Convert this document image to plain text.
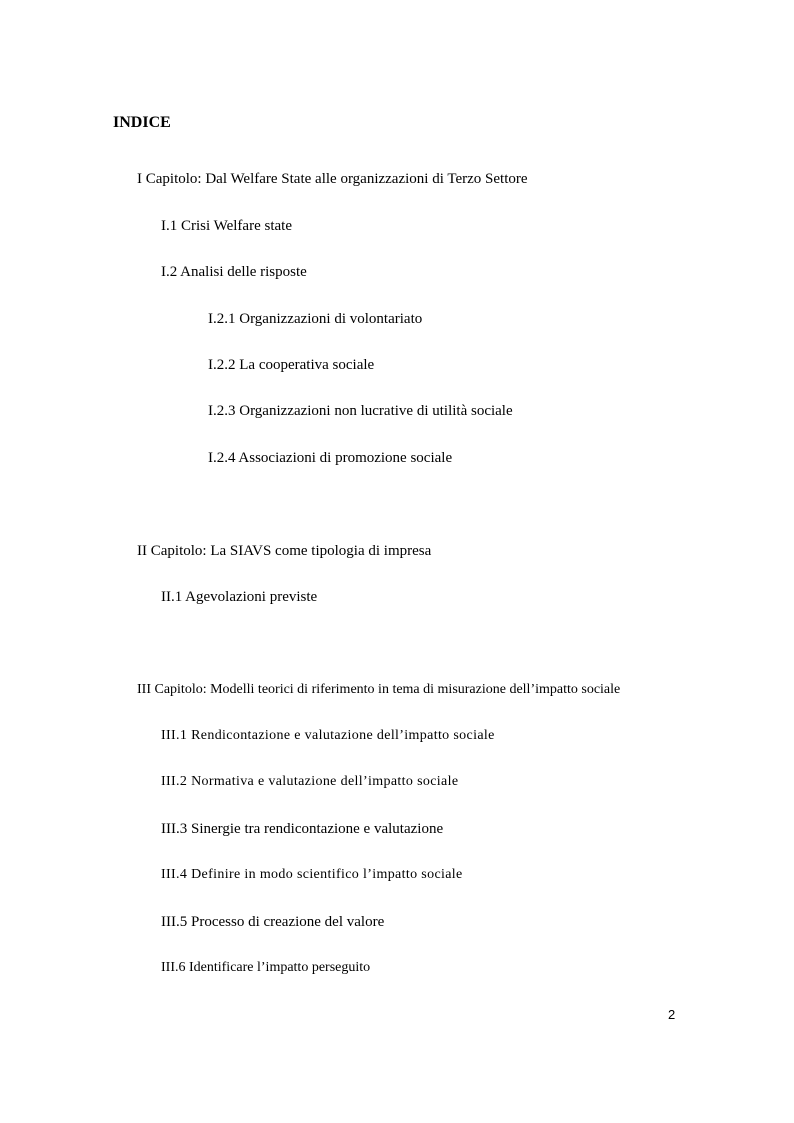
INDICE
I Capitolo: Dal Welfare State alle organizzazioni di Terzo Settore
I.1 Crisi Welfare state
I.2 Analisi delle risposte
I.2.1 Organizzazioni di volontariato
I.2.2 La cooperativa sociale
I.2.3 Organizzazioni non lucrative di utilità sociale
I.2.4 Associazioni di promozione sociale
II Capitolo: La SIAVS come tipologia di impresa
II.1 Agevolazioni previste
III Capitolo: Modelli teorici di riferimento in tema di misurazione dell’impatto sociale
III.1 Rendicontazione e valutazione dell’impatto sociale
III.2 Normativa e valutazione dell’impatto sociale
III.3 Sinergie tra rendicontazione e valutazione
III.4 Definire in modo scientifico l’impatto sociale
III.5 Processo di creazione del valore
III.6 Identificare l’impatto perseguito
2
